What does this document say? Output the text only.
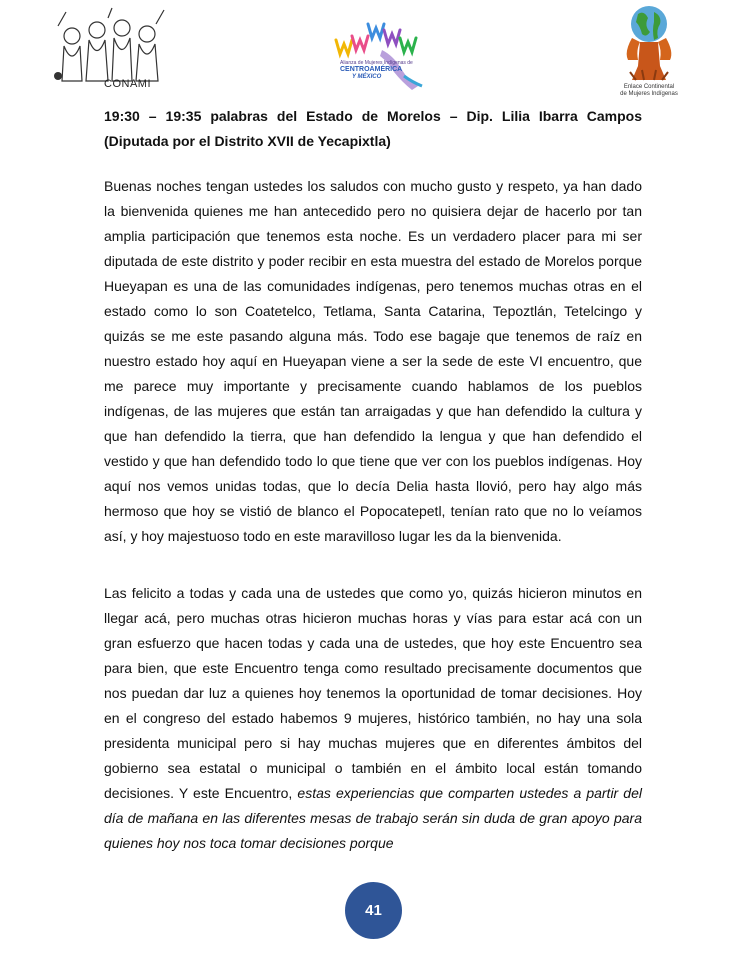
CONAMI
Alianza de Mujeres Indígenas de
CENTROAMÉRICA
Y MÉXICO
Enlace Continental
de Mujeres Indígenas
19:30 – 19:35 palabras del Estado de Morelos – Dip. Lilia Ibarra Campos (Diputada por el Distrito XVII de Yecapixtla)
Buenas noches tengan ustedes los saludos con mucho gusto y respeto, ya han dado la bienvenida quienes me han antecedido pero no quisiera dejar de hacerlo por tan amplia participación que tenemos esta noche. Es un verdadero placer para mi ser diputada de este distrito y poder recibir en esta muestra del estado de Morelos porque Hueyapan es una de las comunidades indígenas, pero tenemos muchas otras en el estado como lo son Coatetelco, Tetlama, Santa Catarina, Tepoztlán, Tetelcingo y quizás se me este pasando alguna más. Todo ese bagaje que tenemos de raíz en nuestro estado hoy aquí en Hueyapan viene a ser la sede de este VI encuentro, que me parece muy importante y precisamente cuando hablamos de los pueblos indígenas, de las mujeres que están tan arraigadas y que han defendido la cultura y que han defendido la tierra, que han defendido la lengua y que han defendido el vestido y que han defendido todo lo que tiene que ver con los pueblos indígenas. Hoy aquí nos vemos unidas todas, que lo decía Delia hasta llovió, pero hay algo más hermoso que hoy se vistió de blanco el Popocatepetl, tenían rato que no lo veíamos así, y hoy majestuoso todo en este maravilloso lugar les da la bienvenida.
Las felicito a todas y cada una de ustedes que como yo, quizás hicieron minutos en llegar acá, pero muchas otras hicieron muchas horas y vías para estar acá con un gran esfuerzo que hacen todas y cada una de ustedes, que hoy este Encuentro sea para bien, que este Encuentro tenga como resultado precisamente documentos que nos puedan dar luz a quienes hoy tenemos la oportunidad de tomar decisiones. Hoy en el congreso del estado habemos 9 mujeres, histórico también, no hay una sola presidenta municipal pero si hay muchas mujeres que en diferentes ámbitos del gobierno sea estatal o municipal o también en el ámbito local están tomando decisiones. Y este Encuentro, estas experiencias que comparten ustedes a partir del día de mañana en las diferentes mesas de trabajo serán sin duda de gran apoyo para quienes hoy nos toca tomar decisiones porque
41
